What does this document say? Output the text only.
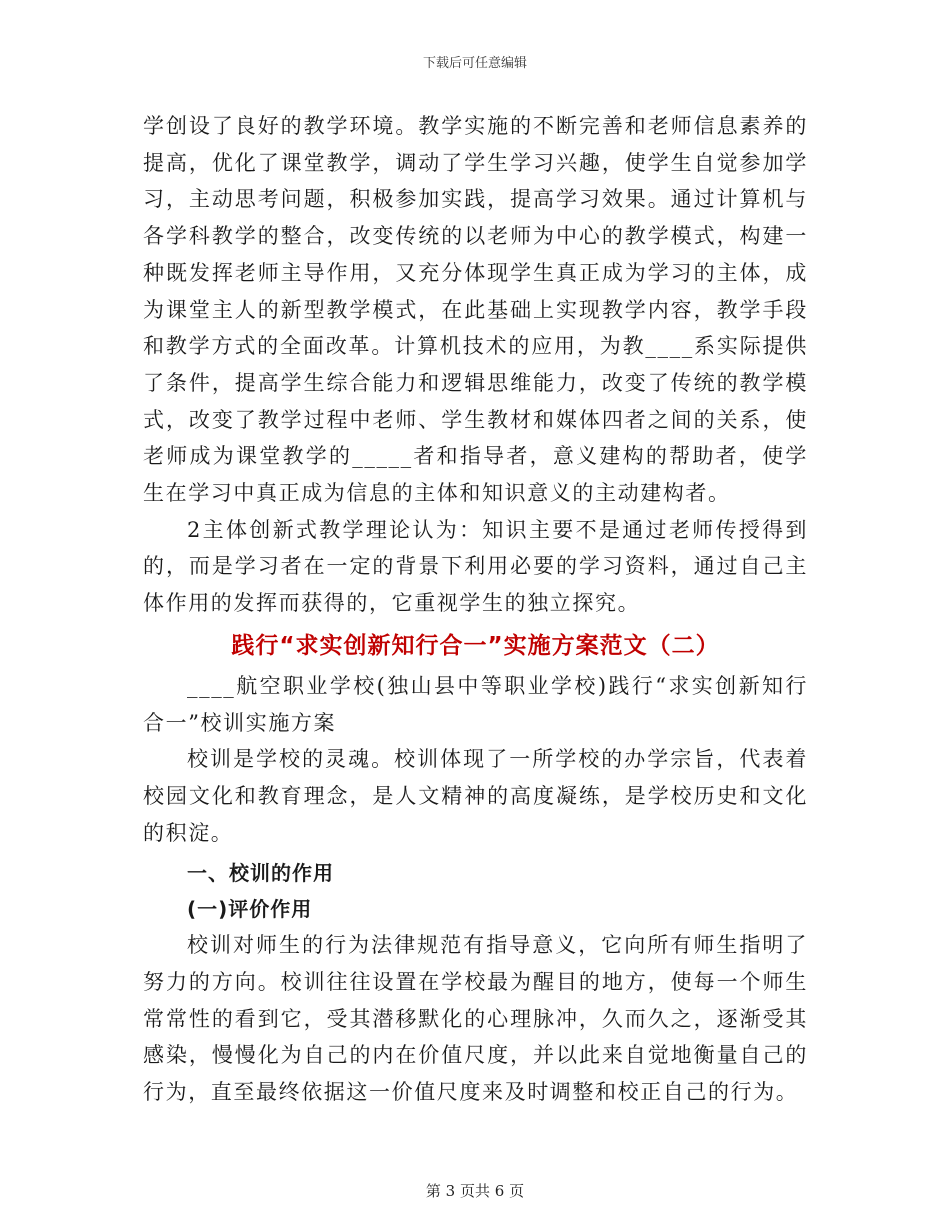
下载后可任意编辑

学创设了良好的教学环境。教学实施的不断完善和老师信息素养的提高，优化了课堂教学，调动了学生学习兴趣，使学生自觉参加学习，主动思考问题，积极参加实践，提高学习效果。通过计算机与各学科教学的整合，改变传统的以老师为中心的教学模式，构建一种既发挥老师主导作用，又充分体现学生真正成为学习的主体，成为课堂主人的新型教学模式，在此基础上实现教学内容，教学手段和教学方式的全面改革。计算机技术的应用，为教____系实际提供了条件，提高学生综合能力和逻辑思维能力，改变了传统的教学模式，改变了教学过程中老师、学生教材和媒体四者之间的关系，使老师成为课堂教学的_____者和指导者，意义建构的帮助者，使学生在学习中真正成为信息的主体和知识意义的主动建构者。

2主体创新式教学理论认为：知识主要不是通过老师传授得到的，而是学习者在一定的背景下利用必要的学习资料，通过自己主体作用的发挥而获得的，它重视学生的独立探究。

践行“求实创新知行合一”实施方案范文（二）

____航空职业学校(独山县中等职业学校)践行“求实创新知行合一”校训实施方案

校训是学校的灵魂。校训体现了一所学校的办学宗旨，代表着校园文化和教育理念，是人文精神的高度凝练，是学校历史和文化的积淀。

一、校训的作用

(一)评价作用

校训对师生的行为法律规范有指导意义，它向所有师生指明了努力的方向。校训往往设置在学校最为醒目的地方，使每一个师生常常性的看到它，受其潜移默化的心理脉冲，久而久之，逐渐受其感染，慢慢化为自己的内在价值尺度，并以此来自觉地衡量自己的行为，直至最终依据这一价值尺度来及时调整和校正自己的行为。

第 3 页共 6 页
